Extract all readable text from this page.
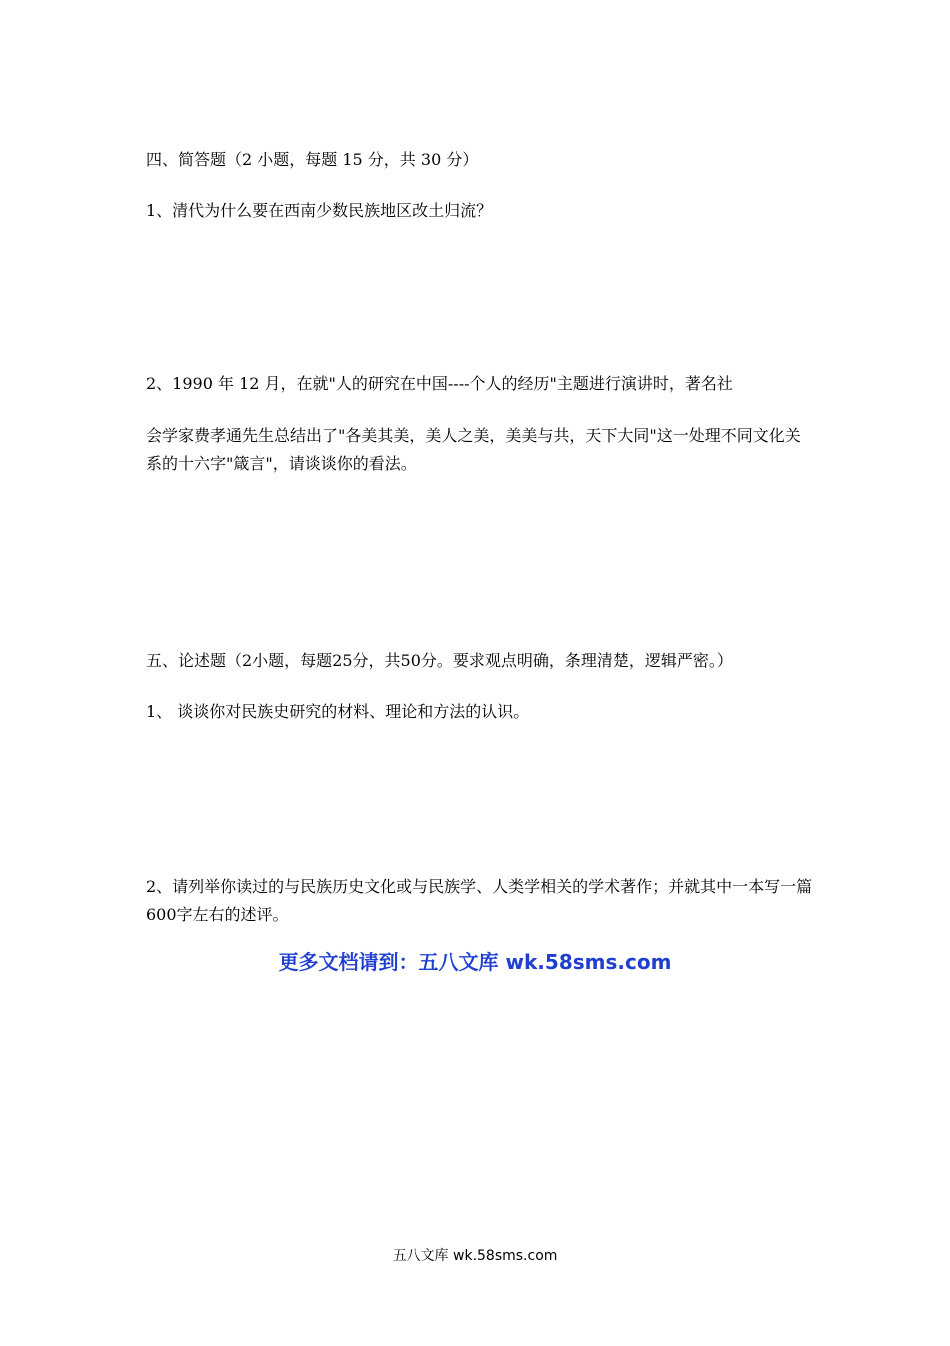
四、简答题（2 小题，每题 15 分，共 30 分）
1、清代为什么要在西南少数民族地区改土归流？
2、1990 年 12 月，在就"人的研究在中国----个人的经历"主题进行演讲时，著名社
会学家费孝通先生总结出了"各美其美，美人之美，美美与共，天下大同"这一处理不同文化关系的十六字"箴言"，请谈谈你的看法。
五、论述题（2小题，每题25分，共50分。要求观点明确，条理清楚，逻辑严密。）
1、 谈谈你对民族史研究的材料、理论和方法的认识。
2、请列举你读过的与民族历史文化或与民族学、人类学相关的学术著作；并就其中一本写一篇600字左右的述评。
更多文档请到：五八文库 wk.58sms.com
五八文库 wk.58sms.com
